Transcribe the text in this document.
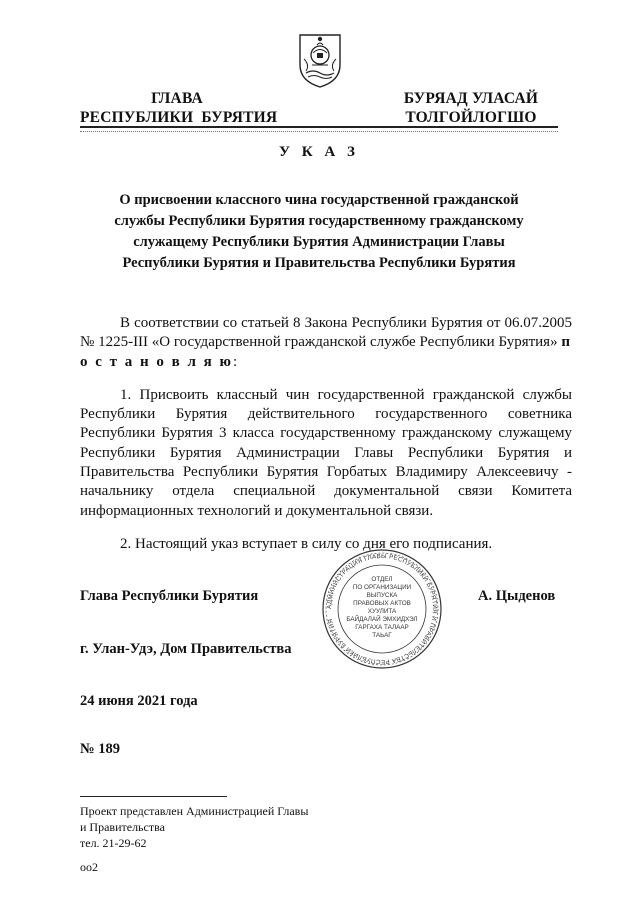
ГЛАВА
РЕСПУБЛИКИ  БУРЯТИЯ
БУРЯАД УЛАСАЙ
ТОЛГОЙЛОГШО
У К А З
О присвоении классного чина государственной гражданской службы Республики Бурятия государственному гражданскому служащему Республики Бурятия Администрации Главы Республики Бурятия и Правительства Республики Бурятия

В соответствии со статьей 8 Закона Республики Бурятия от 06.07.2005 № 1225-III «О государственной гражданской службе Республики Бурятия» п о с т а н о в л я ю:

1. Присвоить классный чин государственной гражданской службы Республики Бурятия действительного государственного советника Республики Бурятия 3 класса государственному гражданскому служащему Республики Бурятия Администрации Главы Республики Бурятия и Правительства Республики Бурятия Горбатых Владимиру Алексеевичу - начальнику отдела специальной документальной связи Комитета информационных технологий и документальной связи.

2. Настоящий указ вступает в силу со дня его подписания.

Глава Республики Бурятия	А. Цыденов
г. Улан-Удэ, Дом Правительства
24 июня 2021 года
№ 189
АДМИНИСТРАЦИЯ ГЛАВЫ РЕСПУБЛИКИ БУРЯТИЯ И ПРАВИТЕЛЬСТВА РЕСПУБЛИКИ БУРЯТИЯ
ОТДЕЛ
ПО ОРГАНИЗАЦИИ
ВЫПУСКА
ПРАВОВЫХ АКТОВ
ХУУЛИТА
БАЙДАЛАЙ ЭМХИДХЭЛ
ГАРГАХА ТАЛААР
ТАЬАГ
Проект представлен Администрацией Главы
и Правительства
тел. 21-29-62
оо2
